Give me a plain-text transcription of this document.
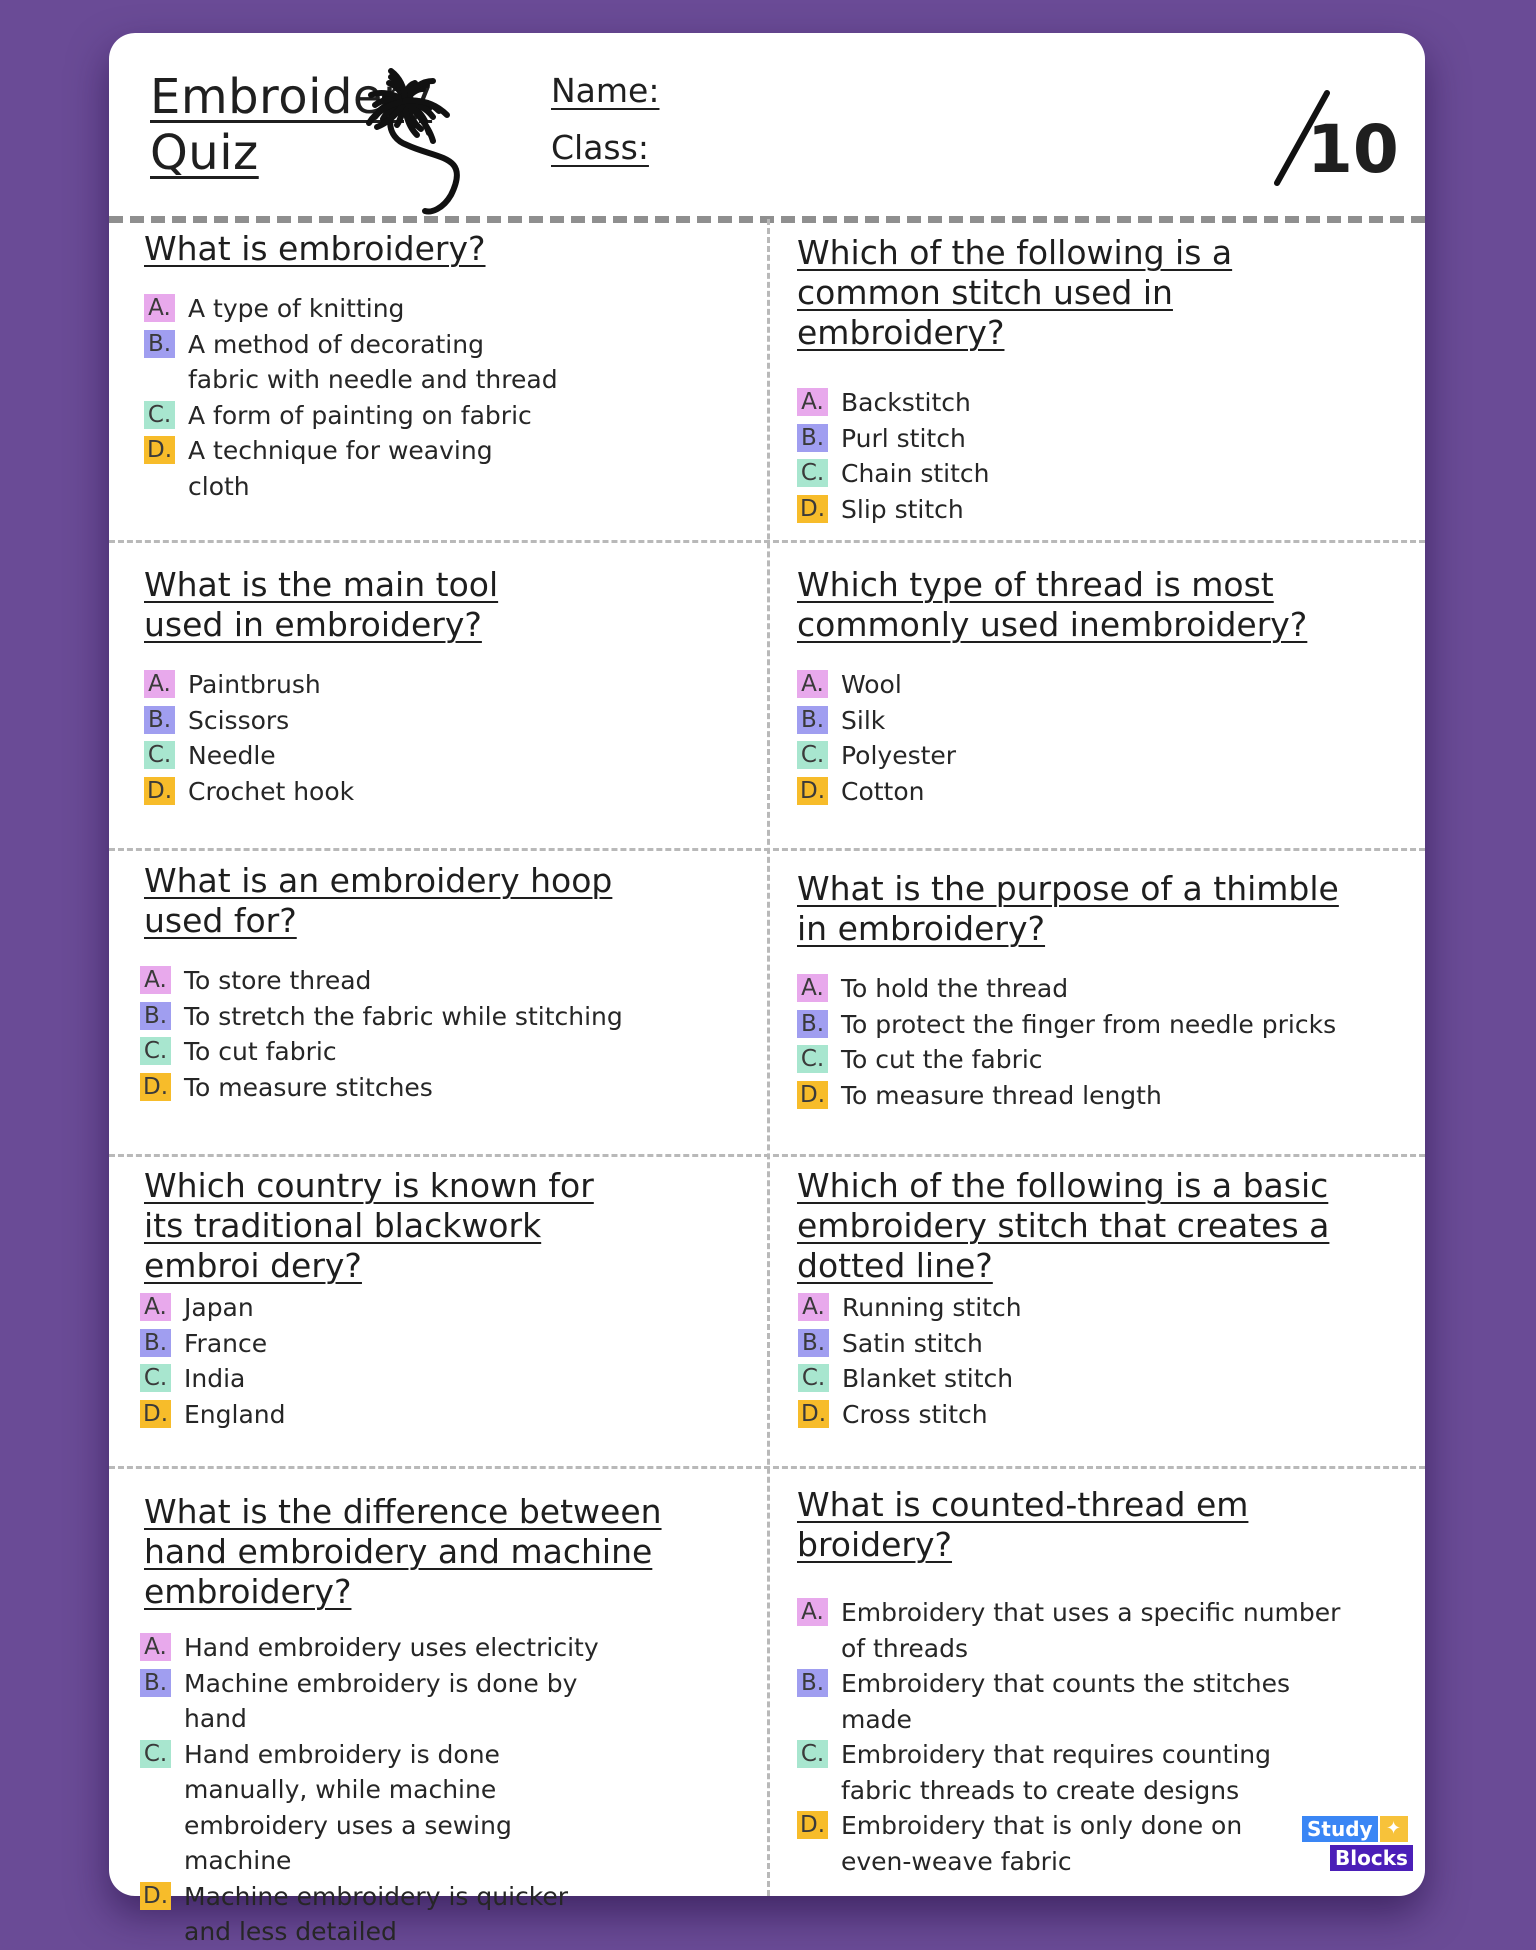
Embroidery
Quiz
Name:
Class:	10

What is embroidery?

A. A type of knitting
B. A method of decorating fabric with needle and thread
C. A form of painting on fabric
D. A technique for weaving cloth

Which of the following is a common stitch used in embroidery?

A. Backstitch
B. Purl stitch
C. Chain stitch
D. Slip stitch

What is the main tool used in embroidery?

A. Paintbrush
B. Scissors
C. Needle
D. Crochet hook

Which type of thread is most commonly used inembroidery?

A. Wool
B. Silk
C. Polyester
D. Cotton

What is an embroidery hoop used for?

A. To store thread
B. To stretch the fabric while stitching
C. To cut fabric
D. To measure stitches

What is the purpose of a thimble in embroidery?

A. To hold the thread
B. To protect the finger from needle pricks
C. To cut the fabric
D. To measure thread length

Which country is known for its traditional blackwork embroi dery?

A. Japan
B. France
C. India
D. England

Which of the following is a basic embroidery stitch that creates a dotted line?

A. Running stitch
B. Satin stitch
C. Blanket stitch
D. Cross stitch

What is the difference between hand embroidery and machine embroidery?

A. Hand embroidery uses electricity
B. Machine embroidery is done by hand
C. Hand embroidery is done manually, while machine embroidery uses a sewing machine
D. Machine embroidery is quicker and less detailed

What is counted-thread em broidery?

A. Embroidery that uses a specific number of threads
B. Embroidery that counts the stitches made
C. Embroidery that requires counting fabric threads to create designs
D. Embroidery that is only done on even-weave fabric
Study ✦
Blocks
